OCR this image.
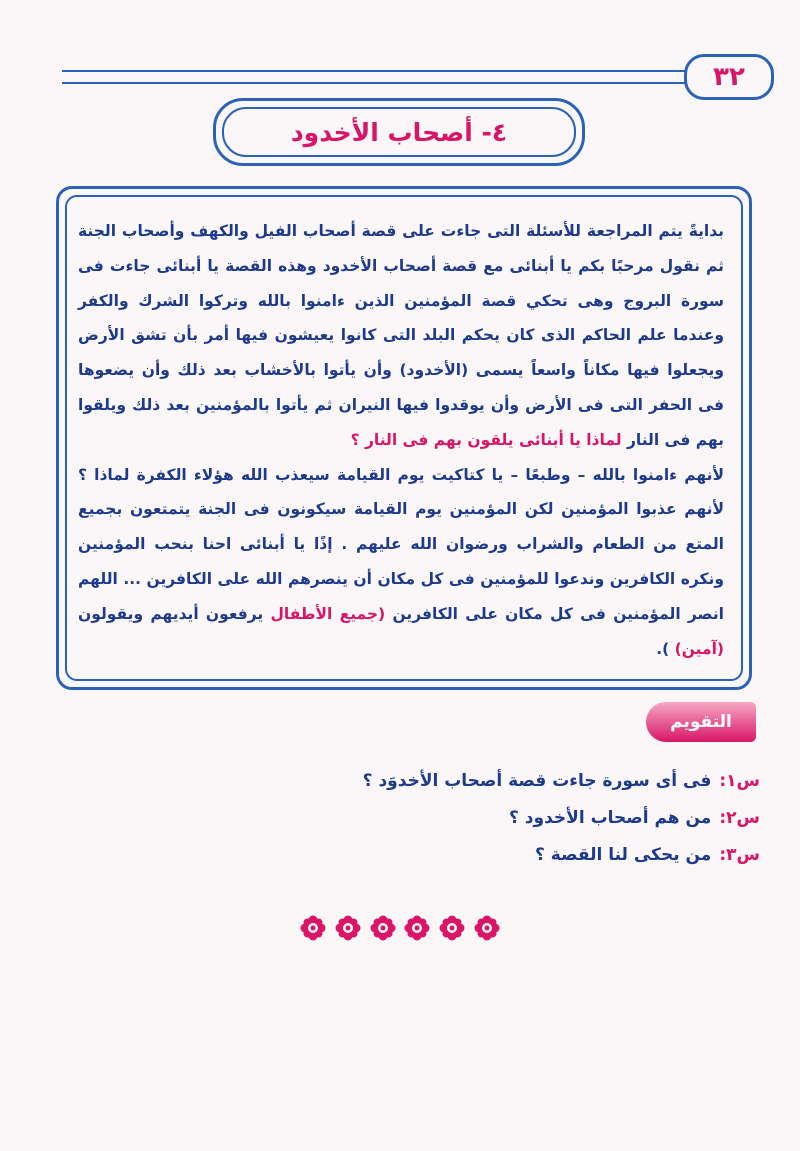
٣٢
٤- أصحاب الأخدود

بدايةً يتم المراجعة للأسئلة التى جاءت على قصة أصحاب الفيل والكهف وأصحاب الجنة ثم نقول مرحبًا بكم يا أبنائى مع قصة أصحاب الأخدود وهذه القصة يا أبنائى جاءت فى سورة البروج وهى تحكي قصة المؤمنين الذين ءامنوا بالله وتركوا الشرك والكفر وعندما علم الحاكم الذى كان يحكم البلد التى كانوا يعيشون فيها أمر بأن تشق الأرض ويجعلوا فيها مكاناً واسعاً يسمى (الأخدود) وأن يأتوا بالأخشاب بعد ذلك وأن يضعوها فى الحفر التى فى الأرض وأن يوقدوا فيها النيران ثم يأتوا بالمؤمنين بعد ذلك ويلقوا بهم فى النار لماذا يا أبنائى يلقون بهم فى النار ؟

لأنهم ءامنوا بالله – وطبعًا – يا كتاكيت يوم القيامة سيعذب الله هؤلاء الكفرة لماذا ؟ لأنهم عذبوا المؤمنين لكن المؤمنين يوم القيامة سيكونون فى الجنة يتمتعون بجميع المتع من الطعام والشراب ورضوان الله عليهم . إذًا يا أبنائى احنا بنحب المؤمنين ونكره الكافرين وندعوا للمؤمنين فى كل مكان أن ينصرهم الله على الكافرين ... اللهم انصر المؤمنين فى كل مكان على الكافرين (جميع الأطفال يرفعون أيديهم ويقولون (آمين) ).

التقويم
س١:
فى أى سورة جاءت قصة أصحاب الأخدوَد ؟
س٢:
من هم أصحاب الأخدود ؟
س٣:
من يحكى لنا القصة ؟
